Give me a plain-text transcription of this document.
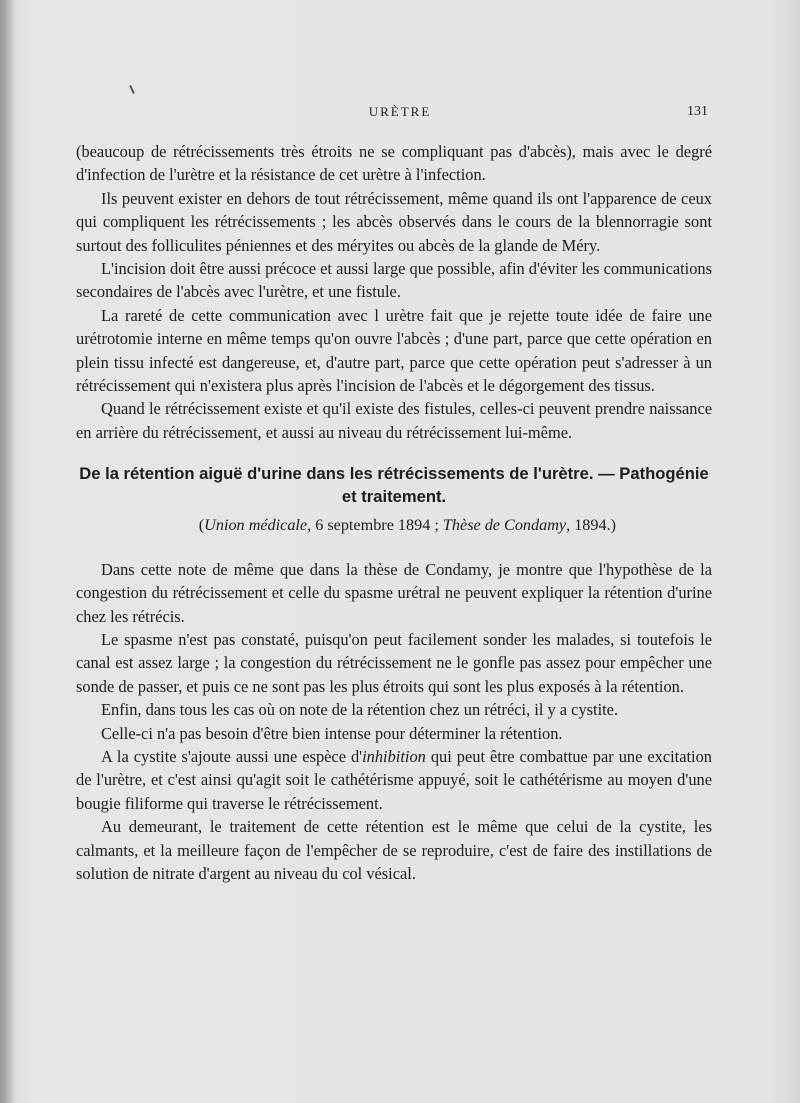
URÈTRE	131

(beaucoup de rétrécissements très étroits ne se compliquant pas d'abcès), mais avec le degré d'infection de l'urètre et la résistance de cet urètre à l'infection.

Ils peuvent exister en dehors de tout rétrécissement, même quand ils ont l'apparence de ceux qui compliquent les rétrécissements ; les abcès observés dans le cours de la blennorragie sont surtout des folliculites péniennes et des méryites ou abcès de la glande de Méry.

L'incision doit être aussi précoce et aussi large que possible, afin d'éviter les communications secondaires de l'abcès avec l'urètre, et une fistule.

La rareté de cette communication avec l urètre fait que je rejette toute idée de faire une urétrotomie interne en même temps qu'on ouvre l'abcès ; d'une part, parce que cette opération en plein tissu infecté est dangereuse, et, d'autre part, parce que cette opération peut s'adresser à un rétrécissement qui n'existera plus après l'incision de l'abcès et le dégorgement des tissus.

Quand le rétrécissement existe et qu'il existe des fistules, celles-ci peuvent prendre naissance en arrière du rétrécissement, et aussi au niveau du rétrécissement lui-même.

De la rétention aiguë d'urine dans les rétrécissements de l'urètre. — Pathogénie
et traitement.

(Union médicale, 6 septembre 1894 ; Thèse de Condamy, 1894.)

Dans cette note de même que dans la thèse de Condamy, je montre que l'hypothèse de la congestion du rétrécissement et celle du spasme urétral ne peuvent expliquer la rétention d'urine chez les rétrécis.

Le spasme n'est pas constaté, puisqu'on peut facilement sonder les malades, si toutefois le canal est assez large ; la congestion du rétrécissement ne le gonfle pas assez pour empêcher une sonde de passer, et puis ce ne sont pas les plus étroits qui sont les plus exposés à la rétention.

Enfin, dans tous les cas où on note de la rétention chez un rétréci, il y a cystite.

Celle-ci n'a pas besoin d'être bien intense pour déterminer la rétention.

A la cystite s'ajoute aussi une espèce d'inhibition qui peut être combattue par une excitation de l'urètre, et c'est ainsi qu'agit soit le cathétérisme appuyé, soit le cathétérisme au moyen d'une bougie filiforme qui traverse le rétrécissement.

Au demeurant, le traitement de cette rétention est le même que celui de la cystite, les calmants, et la meilleure façon de l'empêcher de se reproduire, c'est de faire des instillations de solution de nitrate d'argent au niveau du col vésical.
